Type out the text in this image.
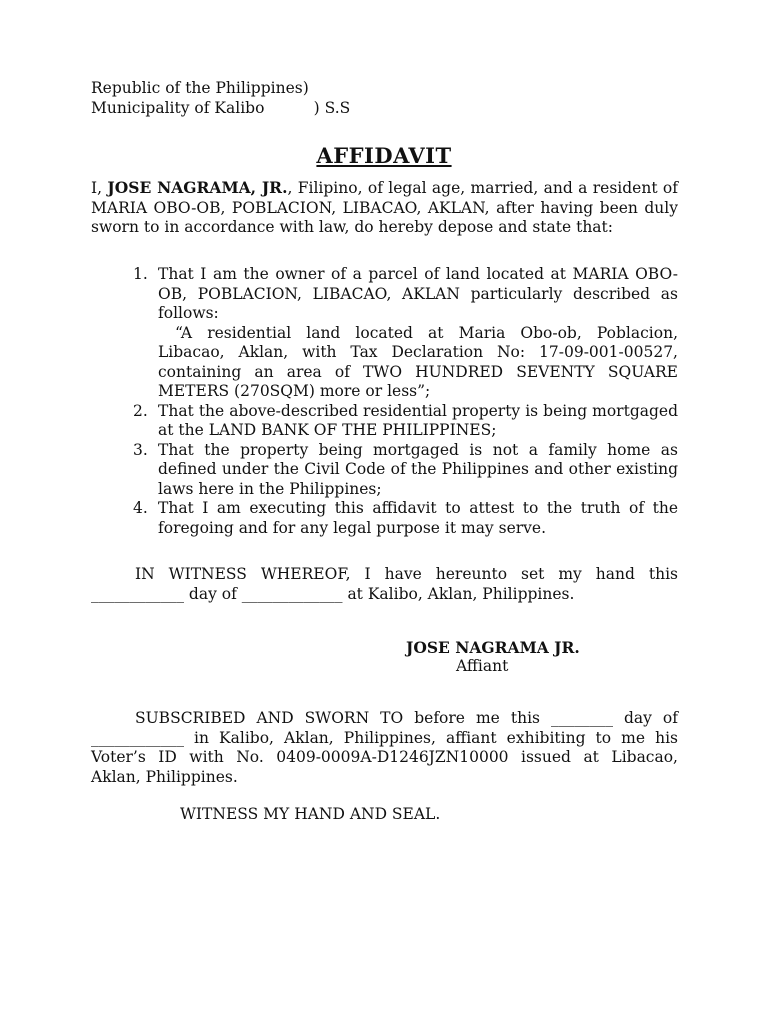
Republic of the Philippines)
Municipality of Kalibo          ) S.S
AFFIDAVIT
I, JOSE NAGRAMA, JR., Filipino, of legal age, married, and a resident of MARIA OBO-OB, POBLACION, LIBACAO, AKLAN, after having been duly sworn to in accordance with law, do hereby depose and state that:
1. That I am the owner of a parcel of land located at MARIA OBO-OB, POBLACION, LIBACAO, AKLAN particularly described as follows:
“A residential land located at Maria Obo-ob, Poblacion, Libacao, Aklan, with Tax Declaration No: 17-09-001-00527, containing an area of TWO HUNDRED SEVENTY SQUARE METERS (270SQM) more or less”;
2. That the above-described residential property is being mortgaged at the LAND BANK OF THE PHILIPPINES;
3. That the property being mortgaged is not a family home as defined under the Civil Code of the Philippines and other existing laws here in the Philippines;
4. That I am executing this affidavit to attest to the truth of the foregoing and for any legal purpose it may serve.
IN WITNESS WHEREOF, I have hereunto set my hand this ____________ day of _____________ at Kalibo, Aklan, Philippines.
JOSE NAGRAMA JR.
Affiant
SUBSCRIBED AND SWORN TO before me this ________ day of ____________ in Kalibo, Aklan, Philippines, affiant exhibiting to me his Voter’s ID with No. 0409-0009A-D1246JZN10000 issued at Libacao, Aklan, Philippines.
WITNESS MY HAND AND SEAL.
